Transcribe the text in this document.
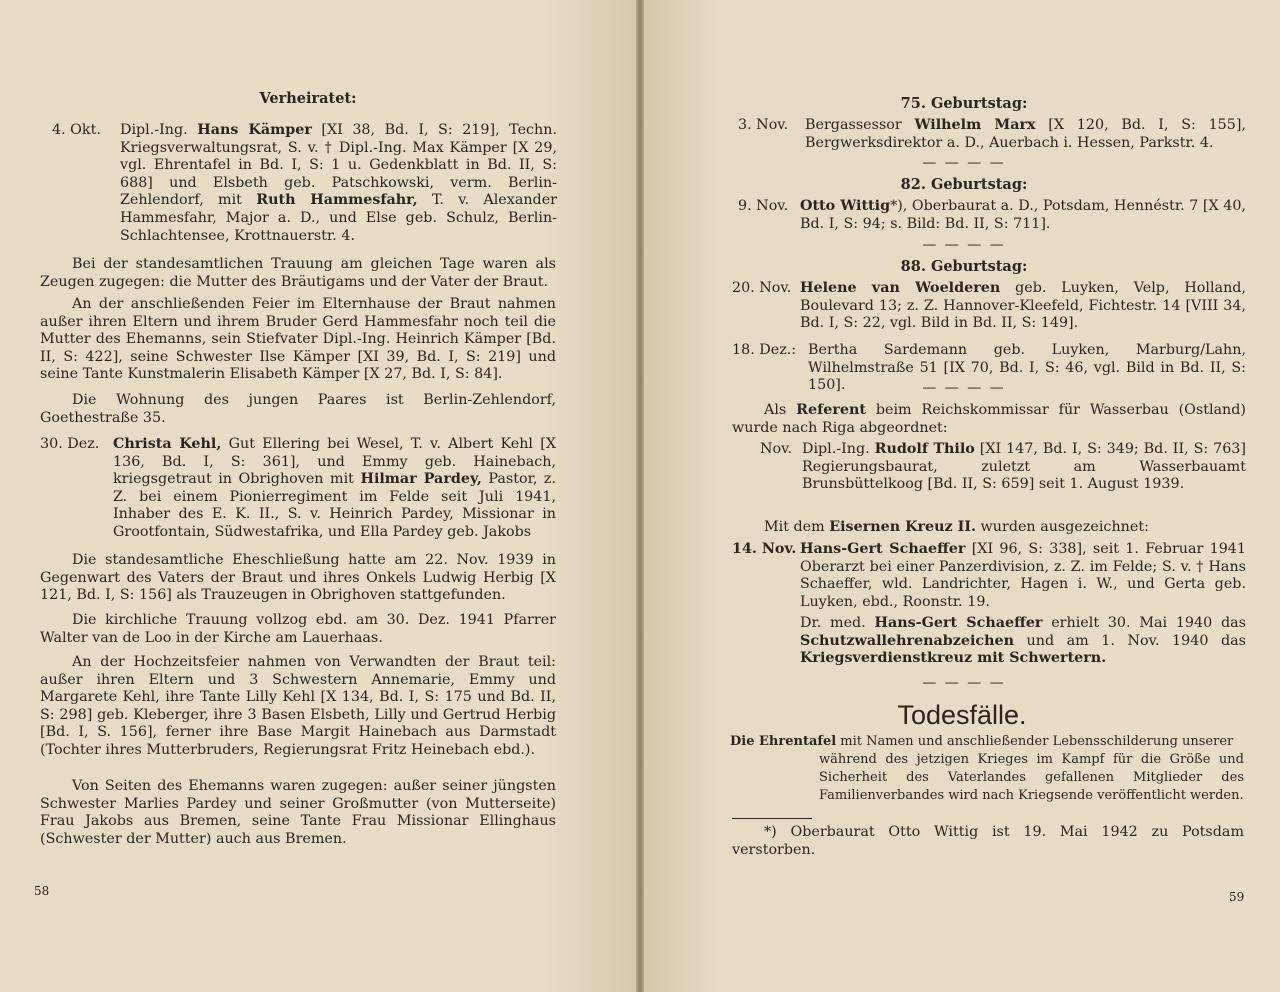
Verheiratet:
4. Okt. Dipl.-Ing. Hans Kämper [XI 38, Bd. I, S: 219], Techn. Kriegsverwaltungsrat, S. v. † Dipl.-Ing. Max Kämper [X 29, vgl. Ehrentafel in Bd. I, S: 1 u. Gedenkblatt in Bd. II, S: 688] und Elsbeth geb. Patschkowski, verm. Berlin-Zehlendorf, mit Ruth Hammesfahr, T. v. Alexander Hammesfahr, Major a. D., und Else geb. Schulz, Berlin-Schlachtensee, Krottnauerstr. 4.
Bei der standesamtlichen Trauung am gleichen Tage waren als Zeugen zugegen: die Mutter des Bräutigams und der Vater der Braut.
An der anschließenden Feier im Elternhause der Braut nahmen außer ihren Eltern und ihrem Bruder Gerd Hammesfahr noch teil die Mutter des Ehemanns, sein Stiefvater Dipl.-Ing. Heinrich Kämper [Bd. II, S: 422], seine Schwester Ilse Kämper [XI 39, Bd. I, S: 219] und seine Tante Kunstmalerin Elisabeth Kämper [X 27, Bd. I, S: 84].
Die Wohnung des jungen Paares ist Berlin-Zehlendorf, Goethestraße 35.
30. Dez. Christa Kehl, Gut Ellering bei Wesel, T. v. Albert Kehl [X 136, Bd. I, S: 361], und Emmy geb. Hainebach, kriegsgetraut in Obrighoven mit Hilmar Pardey, Pastor, z. Z. bei einem Pionierregiment im Felde seit Juli 1941, Inhaber des E. K. II., S. v. Heinrich Pardey, Missionar in Grootfontain, Südwestafrika, und Ella Pardey geb. Jakobs
Die standesamtliche Eheschließung hatte am 22. Nov. 1939 in Gegenwart des Vaters der Braut und ihres Onkels Ludwig Herbig [X 121, Bd. I, S: 156] als Trauzeugen in Obrighoven stattgefunden.
Die kirchliche Trauung vollzog ebd. am 30. Dez. 1941 Pfarrer Walter van de Loo in der Kirche am Lauerhaas.
An der Hochzeitsfeier nahmen von Verwandten der Braut teil: außer ihren Eltern und 3 Schwestern Annemarie, Emmy und Margarete Kehl, ihre Tante Lilly Kehl [X 134, Bd. I, S: 175 und Bd. II, S: 298] geb. Kleberger, ihre 3 Basen Elsbeth, Lilly und Gertrud Herbig [Bd. I, S. 156], ferner ihre Base Margit Hainebach aus Darmstadt (Tochter ihres Mutterbruders, Regierungsrat Fritz Heinebach ebd.).
Von Seiten des Ehemanns waren zugegen: außer seiner jüngsten Schwester Marlies Pardey und seiner Großmutter (von Mutterseite) Frau Jakobs aus Bremen, seine Tante Frau Missionar Ellinghaus (Schwester der Mutter) auch aus Bremen.
58
75. Geburtstag:
3. Nov. Bergassessor Wilhelm Marx [X 120, Bd. I, S: 155], Bergwerksdirektor a. D., Auerbach i. Hessen, Parkstr. 4.
— — — —
82. Geburtstag:
9. Nov. Otto Wittig*), Oberbaurat a. D., Potsdam, Hennéstr. 7 [X 40, Bd. I, S: 94; s. Bild: Bd. II, S: 711].
— — — —
88. Geburtstag:
20. Nov. Helene van Woelderen geb. Luyken, Velp, Holland, Boulevard 13; z. Z. Hannover-Kleefeld, Fichtestr. 14 [VIII 34, Bd. I, S: 22, vgl. Bild in Bd. II, S: 149].
18. Dez.: Bertha Sardemann geb. Luyken, Marburg/Lahn, Wilhelmstraße 51 [IX 70, Bd. I, S: 46, vgl. Bild in Bd. II, S: 150].	— — — —
Als Referent beim Reichskommissar für Wasserbau (Ostland) wurde nach Riga abgeordnet:
Nov. Dipl.-Ing. Rudolf Thilo [XI 147, Bd. I, S: 349; Bd. II, S: 763] Regierungsbaurat, zuletzt am Wasserbauamt Brunsbüttelkoog [Bd. II, S: 659] seit 1. August 1939.
Mit dem Eisernen Kreuz II. wurden ausgezeichnet:
14. Nov. Hans-Gert Schaeffer [XI 96, S: 338], seit 1. Februar 1941 Oberarzt bei einer Panzerdivision, z. Z. im Felde; S. v. † Hans Schaeffer, wld. Landrichter, Hagen i. W., und Gerta geb. Luyken, ebd., Roonstr. 19.
Dr. med. Hans-Gert Schaeffer erhielt 30. Mai 1940 das Schutzwallehrenabzeichen und am 1. Nov. 1940 das Kriegsverdienstkreuz mit Schwertern.
— — — —
Todesfälle.
Die Ehrentafel mit Namen und anschließender Lebensschilderung unserer
während des jetzigen Krieges im Kampf für die Größe und Sicherheit des Vaterlandes gefallenen Mitglieder des Familienverbandes wird nach Kriegsende veröffentlicht werden.
*) Oberbaurat Otto Wittig ist 19. Mai 1942 zu Potsdam verstorben.
59
